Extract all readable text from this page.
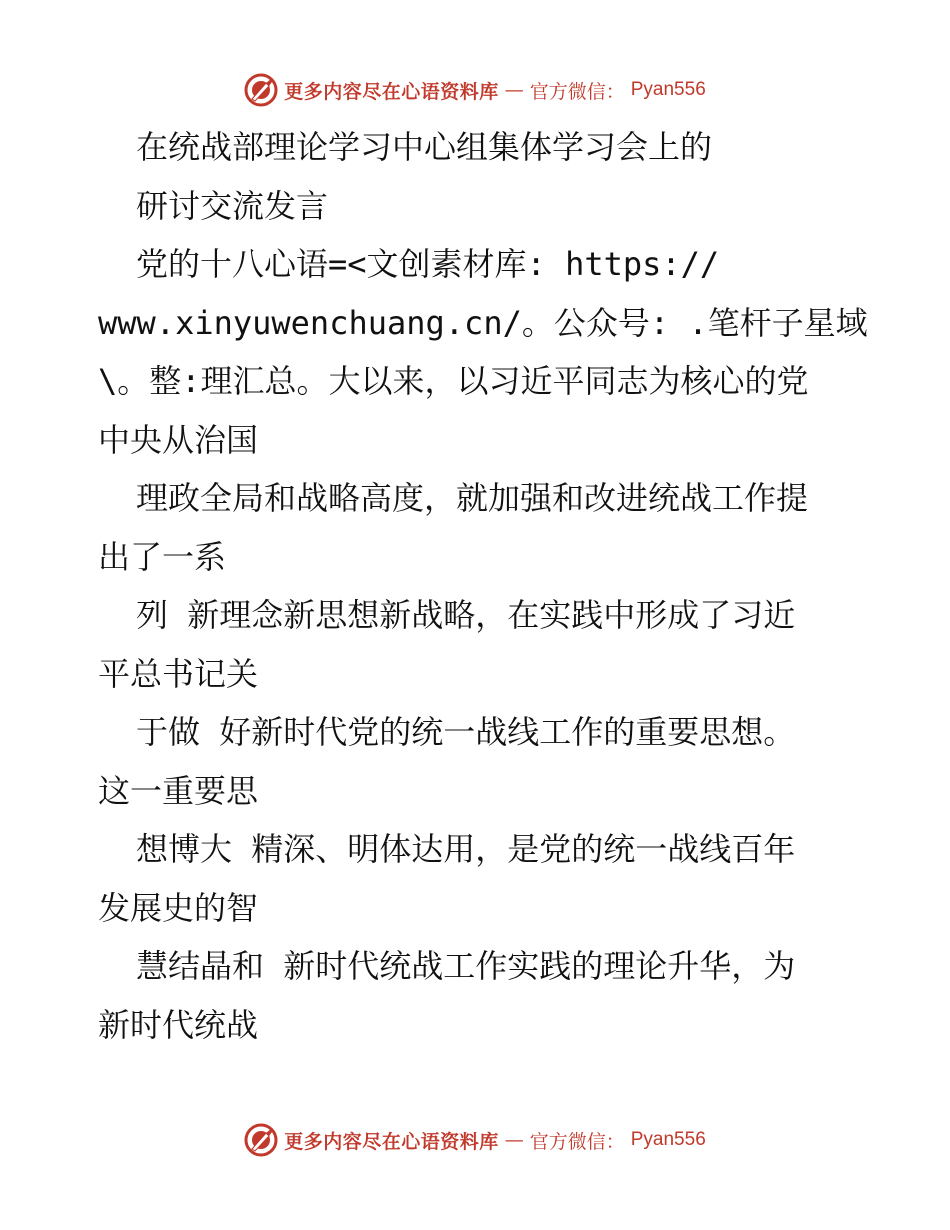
更多内容尽在心语资料库 — 官方微信： Pyan556
在统战部理论学习中心组集体学习会上的
研讨交流发言
党的十八心语=<文创素材库: https://
www.xinyuwenchuang.cn/。公众号: .笔杆子星域
\。整:理汇总。大以来，以习近平同志为核心的党
中央从治国
理政全局和战略高度，就加强和改进统战工作提
出了一系
列 新理念新思想新战略，在实践中形成了习近
平总书记关
于做 好新时代党的统一战线工作的重要思想。
这一重要思
想博大 精深、明体达用，是党的统一战线百年
发展史的智
慧结晶和 新时代统战工作实践的理论升华，为
新时代统战
更多内容尽在心语资料库 — 官方微信： Pyan556
